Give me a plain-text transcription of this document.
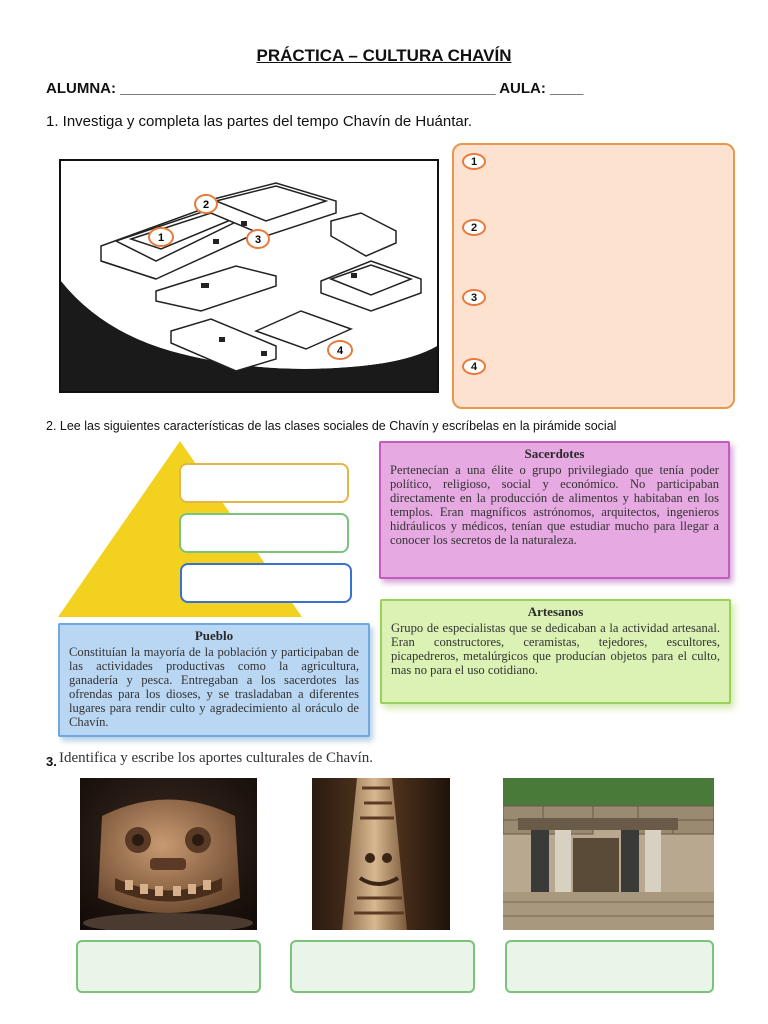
PRÁCTICA – CULTURA CHAVÍN
ALUMNA: _____________________________________________ AULA: ____
1. Investiga y completa las partes del tempo Chavín de Huántar.
1
2
3
4
1
2
3
4
2. Lee las siguientes características de las clases sociales de Chavín y escríbelas en la pirámide social
Sacerdotes

Pertenecían a una élite o grupo privilegiado que tenía poder político, religioso, social y económico. No participaban directamente en la producción de alimentos y habitaban en los templos. Eran magníficos astrónomos, arquitectos, ingenieros hidráulicos y médicos, tenían que estudiar mucho para llegar a conocer los secretos de la naturaleza.

Artesanos

Grupo de especialistas que se dedicaban a la actividad artesanal. Eran constructores, ceramistas, tejedores, escultores, picapedreros, metalúrgicos que producían objetos para el culto, mas no para el uso cotidiano.

Pueblo

Constituían la mayoría de la población y participaban de las actividades productivas como la agricultura, ganadería y pesca. Entregaban a los sacerdotes las ofrendas para los dioses, y se trasladaban a diferentes lugares para rendir culto y agradecimiento al oráculo de Chavín.

3. Identifica y escribe los aportes culturales de Chavín.
